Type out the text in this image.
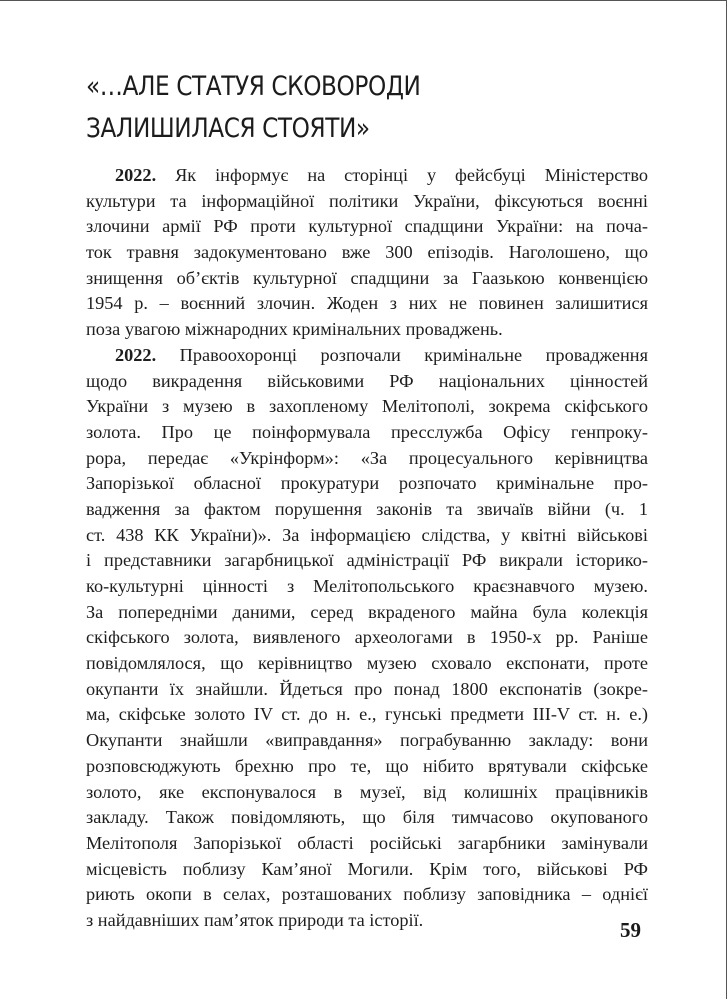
«…АЛЕ СТАТУЯ СКОВОРОДИ
ЗАЛИШИЛАСЯ СТОЯТИ»
2022. Як інформує на сторінці у фейсбуці Міністерство
культури та інформаційної політики України, фіксуються воєнні
злочини армії РФ проти культурної спадщини України: на поча-
ток травня задокументовано вже 300 епізодів. Наголошено, що
знищення об’єктів культурної спадщини за Гаазькою конвенцією
1954 р. – воєнний злочин. Жоден з них не повинен залишитися
поза увагою міжнародних кримінальних проваджень.
2022. Правоохоронці розпочали кримінальне провадження
щодо викрадення військовими РФ національних цінностей
України з музею в захопленому Мелітополі, зокрема скіфського
золота. Про це поінформувала пресслужба Офісу генпроку-
рора, передає «Укрінформ»: «За процесуального керівництва
Запорізької обласної прокуратури розпочато кримінальне про-
вадження за фактом порушення законів та звичаїв війни (ч. 1
ст. 438 КК України)». За інформацією слідства, у квітні військові
і представники загарбницької адміністрації РФ викрали історико-
ко-культурні цінності з Мелітопольського краєзнавчого музею.
За попередніми даними, серед вкраденого майна була колекція
скіфського золота, виявленого археологами в 1950-х рр. Раніше
повідомлялося, що керівництво музею сховало експонати, проте
окупанти їх знайшли. Йдеться про понад 1800 експонатів (зокре-
ма, скіфське золото IV ст. до н. е., гунські предмети III-V ст. н. е.)
Окупанти знайшли «виправдання» пограбуванню закладу: вони
розповсюджують брехню про те, що нібито врятували скіфське
золото, яке експонувалося в музеї, від колишніх працівників
закладу. Також повідомляють, що біля тимчасово окупованого
Мелітополя Запорізької області російські загарбники замінували
місцевість поблизу Кам’яної Могили. Крім того, військові РФ
риють окопи в селах, розташованих поблизу заповідника – однієї
з найдавніших пам’яток природи та історії.	59
